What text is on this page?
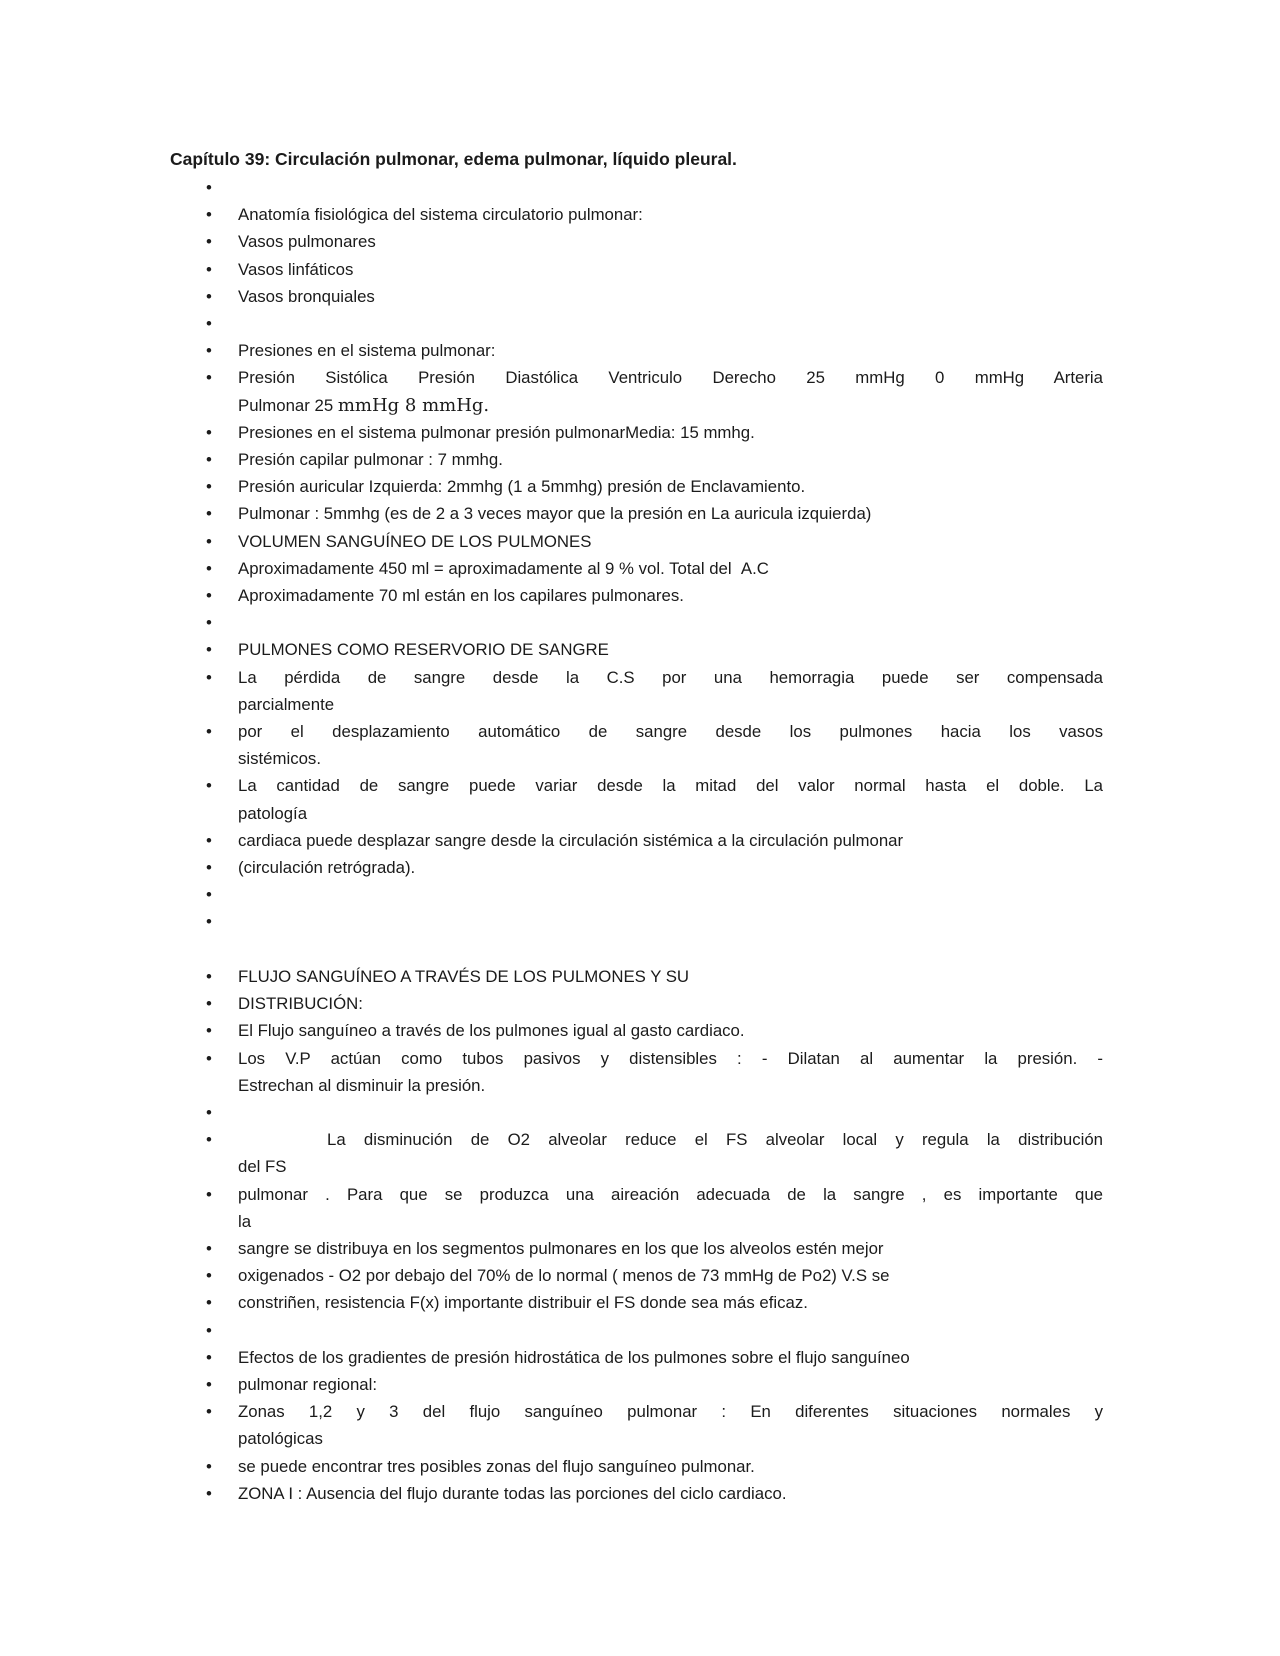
Capítulo 39: Circulación pulmonar, edema pulmonar, líquido pleural.
•

• Anatomía fisiológica del sistema circulatorio pulmonar:
• Vasos pulmonares
• Vasos linfáticos
• Vasos bronquiales
•

• Presiones en el sistema pulmonar:
• Presión Sistólica Presión Diastólica Ventriculo Derecho 25 mmHg 0 mmHg Arteria
Pulmonar 25 mmHg 8 mmHg.
• Presiones en el sistema pulmonar presión pulmonarMedia: 15 mmhg.
• Presión capilar pulmonar : 7 mmhg.
• Presión auricular Izquierda: 2mmhg (1 a 5mmhg) presión de Enclavamiento.
• Pulmonar : 5mmhg (es de 2 a 3 veces mayor que la presión en La auricula izquierda)
• VOLUMEN SANGUÍNEO DE LOS PULMONES
• Aproximadamente 450 ml = aproximadamente al 9 % vol. Total del  A.C
• Aproximadamente 70 ml están en los capilares pulmonares.
•

• PULMONES COMO RESERVORIO DE SANGRE
• La pérdida de sangre desde la C.S por una hemorragia puede ser compensada
parcialmente
• por el desplazamiento automático de sangre desde los pulmones hacia los vasos
sistémicos.
• La cantidad de sangre puede variar desde la mitad del valor normal hasta el doble. La
patología
• cardiaca puede desplazar sangre desde la circulación sistémica a la circulación pulmonar
• (circulación retrógrada).
•

•

• FLUJO SANGUÍNEO A TRAVÉS DE LOS PULMONES Y SU
• DISTRIBUCIÓN:
• El Flujo sanguíneo a través de los pulmones igual al gasto cardiaco.
• Los V.P actúan como tubos pasivos y distensibles : - Dilatan al aumentar la presión. -
Estrechan al disminuir la presión.
•

•	La disminución de O2 alveolar reduce el FS alveolar local y regula la distribución
del FS
• pulmonar . Para que se produzca una aireación adecuada de la sangre , es importante que
la
• sangre se distribuya en los segmentos pulmonares en los que los alveolos estén mejor
• oxigenados - O2 por debajo del 70% de lo normal ( menos de 73 mmHg de Po2) V.S se
• constriñen, resistencia F(x) importante distribuir el FS donde sea más eficaz.
•

• Efectos de los gradientes de presión hidrostática de los pulmones sobre el flujo sanguíneo
• pulmonar regional:
• Zonas 1,2 y 3 del flujo sanguíneo pulmonar : En diferentes situaciones normales y
patológicas
• se puede encontrar tres posibles zonas del flujo sanguíneo pulmonar.
• ZONA I : Ausencia del flujo durante todas las porciones del ciclo cardiaco.
